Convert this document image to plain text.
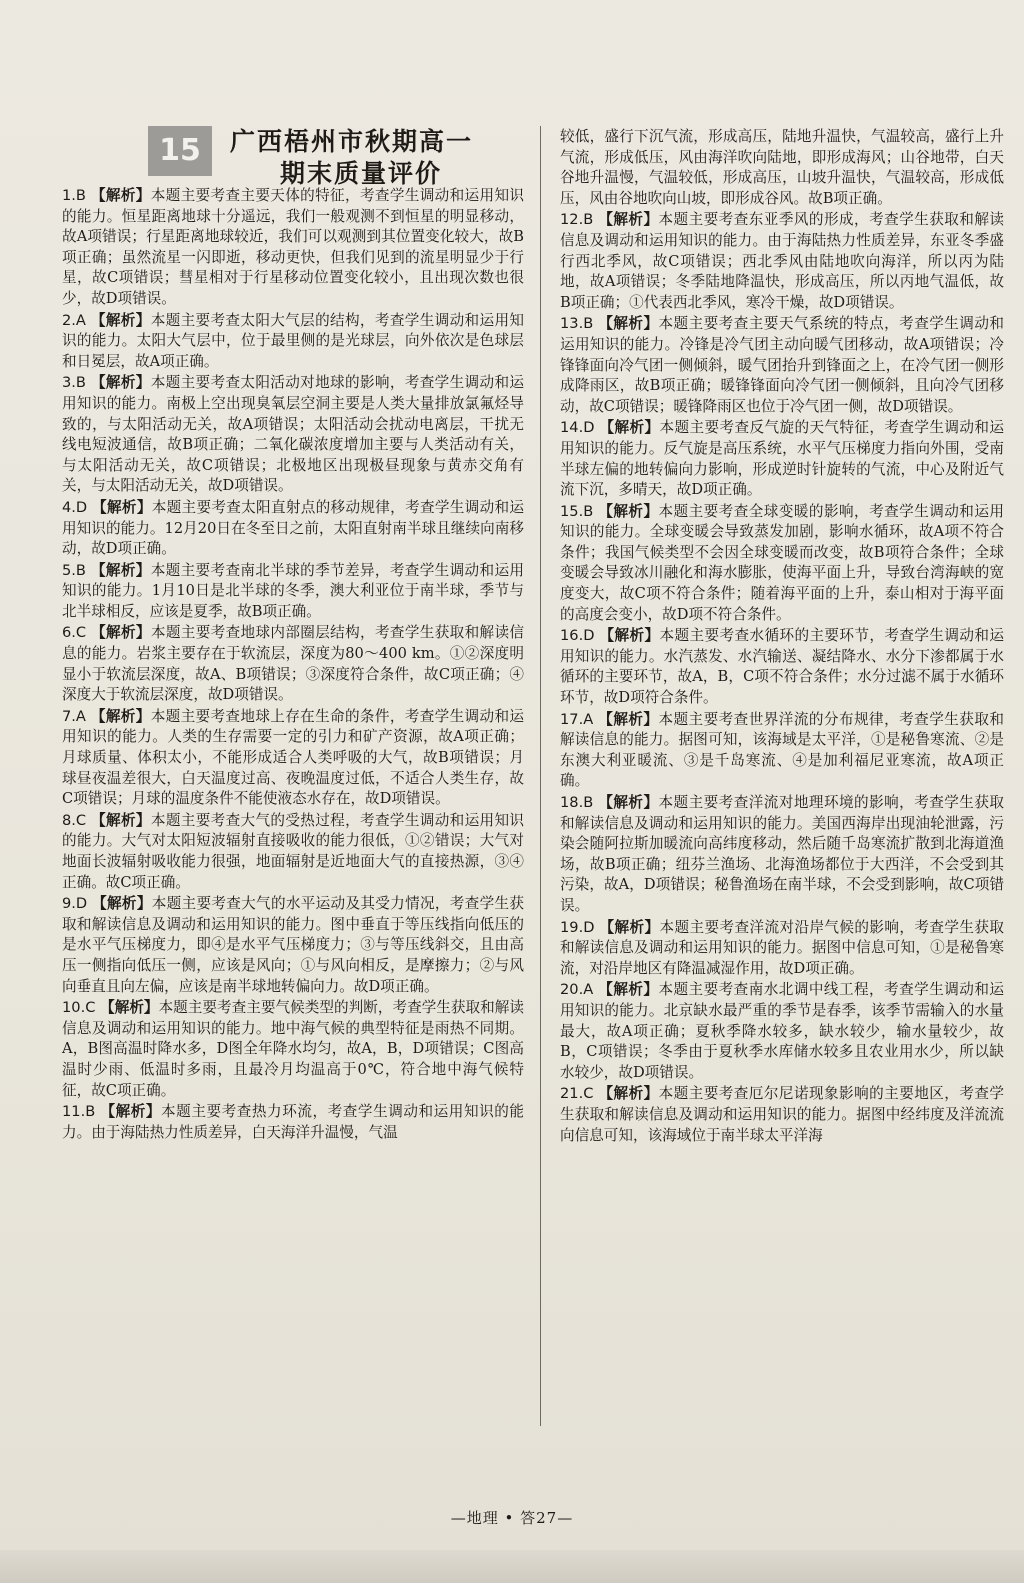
15	广西梧州市秋期高一
期末质量评价

1.B 【解析】本题主要考查主要天体的特征，考查学生调动和运用知识的能力。恒星距离地球十分遥远，我们一般观测不到恒星的明显移动，故A项错误；行星距离地球较近，我们可以观测到其位置变化较大，故B项正确；虽然流星一闪即逝，移动更快，但我们见到的流星明显少于行星，故C项错误；彗星相对于行星移动位置变化较小，且出现次数也很少，故D项错误。

2.A 【解析】本题主要考查太阳大气层的结构，考查学生调动和运用知识的能力。太阳大气层中，位于最里侧的是光球层，向外依次是色球层和日冕层，故A项正确。

3.B 【解析】本题主要考查太阳活动对地球的影响，考查学生调动和运用知识的能力。南极上空出现臭氧层空洞主要是人类大量排放氯氟烃导致的，与太阳活动无关，故A项错误；太阳活动会扰动电离层，干扰无线电短波通信，故B项正确；二氧化碳浓度增加主要与人类活动有关，与太阳活动无关，故C项错误；北极地区出现极昼现象与黄赤交角有关，与太阳活动无关，故D项错误。

4.D 【解析】本题主要考查太阳直射点的移动规律，考查学生调动和运用知识的能力。12月20日在冬至日之前，太阳直射南半球且继续向南移动，故D项正确。

5.B 【解析】本题主要考查南北半球的季节差异，考查学生调动和运用知识的能力。1月10日是北半球的冬季，澳大利亚位于南半球，季节与北半球相反，应该是夏季，故B项正确。

6.C 【解析】本题主要考查地球内部圈层结构，考查学生获取和解读信息的能力。岩浆主要存在于软流层，深度为80～400 km。①②深度明显小于软流层深度，故A、B项错误；③深度符合条件，故C项正确；④深度大于软流层深度，故D项错误。

7.A 【解析】本题主要考查地球上存在生命的条件，考查学生调动和运用知识的能力。人类的生存需要一定的引力和矿产资源，故A项正确；月球质量、体积太小，不能形成适合人类呼吸的大气，故B项错误；月球昼夜温差很大，白天温度过高、夜晚温度过低，不适合人类生存，故C项错误；月球的温度条件不能使液态水存在，故D项错误。

8.C 【解析】本题主要考查大气的受热过程，考查学生调动和运用知识的能力。大气对太阳短波辐射直接吸收的能力很低，①②错误；大气对地面长波辐射吸收能力很强，地面辐射是近地面大气的直接热源，③④正确。故C项正确。

9.D 【解析】本题主要考查大气的水平运动及其受力情况，考查学生获取和解读信息及调动和运用知识的能力。图中垂直于等压线指向低压的是水平气压梯度力，即④是水平气压梯度力；③与等压线斜交，且由高压一侧指向低压一侧，应该是风向；①与风向相反，是摩擦力；②与风向垂直且向左偏，应该是南半球地转偏向力。故D项正确。

10.C 【解析】本题主要考查主要气候类型的判断，考查学生获取和解读信息及调动和运用知识的能力。地中海气候的典型特征是雨热不同期。A，B图高温时降水多，D图全年降水均匀，故A，B，D项错误；C图高温时少雨、低温时多雨，且最冷月均温高于0℃，符合地中海气候特征，故C项正确。

11.B 【解析】本题主要考查热力环流，考查学生调动和运用知识的能力。由于海陆热力性质差异，白天海洋升温慢，气温

较低，盛行下沉气流，形成高压，陆地升温快，气温较高，盛行上升气流，形成低压，风由海洋吹向陆地，即形成海风；山谷地带，白天谷地升温慢，气温较低，形成高压，山坡升温快，气温较高，形成低压，风由谷地吹向山坡，即形成谷风。故B项正确。

12.B 【解析】本题主要考查东亚季风的形成，考查学生获取和解读信息及调动和运用知识的能力。由于海陆热力性质差异，东亚冬季盛行西北季风，故C项错误；西北季风由陆地吹向海洋，所以丙为陆地，故A项错误；冬季陆地降温快，形成高压，所以丙地气温低，故B项正确；①代表西北季风，寒冷干燥，故D项错误。

13.B 【解析】本题主要考查主要天气系统的特点，考查学生调动和运用知识的能力。冷锋是冷气团主动向暖气团移动，故A项错误；冷锋锋面向冷气团一侧倾斜，暖气团抬升到锋面之上，在冷气团一侧形成降雨区，故B项正确；暖锋锋面向冷气团一侧倾斜，且向冷气团移动，故C项错误；暖锋降雨区也位于冷气团一侧，故D项错误。

14.D 【解析】本题主要考查反气旋的天气特征，考查学生调动和运用知识的能力。反气旋是高压系统，水平气压梯度力指向外围，受南半球左偏的地转偏向力影响，形成逆时针旋转的气流，中心及附近气流下沉，多晴天，故D项正确。

15.B 【解析】本题主要考查全球变暖的影响，考查学生调动和运用知识的能力。全球变暖会导致蒸发加剧，影响水循环，故A项不符合条件；我国气候类型不会因全球变暖而改变，故B项符合条件；全球变暖会导致冰川融化和海水膨胀，使海平面上升，导致台湾海峡的宽度变大，故C项不符合条件；随着海平面的上升，泰山相对于海平面的高度会变小，故D项不符合条件。

16.D 【解析】本题主要考查水循环的主要环节，考查学生调动和运用知识的能力。水汽蒸发、水汽输送、凝结降水、水分下渗都属于水循环的主要环节，故A，B，C项不符合条件；水分过滤不属于水循环环节，故D项符合条件。

17.A 【解析】本题主要考查世界洋流的分布规律，考查学生获取和解读信息的能力。据图可知，该海域是太平洋，①是秘鲁寒流、②是东澳大利亚暖流、③是千岛寒流、④是加利福尼亚寒流，故A项正确。

18.B 【解析】本题主要考查洋流对地理环境的影响，考查学生获取和解读信息及调动和运用知识的能力。美国西海岸出现油轮泄露，污染会随阿拉斯加暖流向高纬度移动，然后随千岛寒流扩散到北海道渔场，故B项正确；纽芬兰渔场、北海渔场都位于大西洋，不会受到其污染，故A，D项错误；秘鲁渔场在南半球，不会受到影响，故C项错误。

19.D 【解析】本题主要考查洋流对沿岸气候的影响，考查学生获取和解读信息及调动和运用知识的能力。据图中信息可知，①是秘鲁寒流，对沿岸地区有降温减湿作用，故D项正确。

20.A 【解析】本题主要考查南水北调中线工程，考查学生调动和运用知识的能力。北京缺水最严重的季节是春季，该季节需输入的水量最大，故A项正确；夏秋季降水较多，缺水较少，输水量较少，故B，C项错误；冬季由于夏秋季水库储水较多且农业用水少，所以缺水较少，故D项错误。

21.C 【解析】本题主要考查厄尔尼诺现象影响的主要地区，考查学生获取和解读信息及调动和运用知识的能力。据图中经纬度及洋流流向信息可知，该海域位于南半球太平洋海

—地理 • 答27—
